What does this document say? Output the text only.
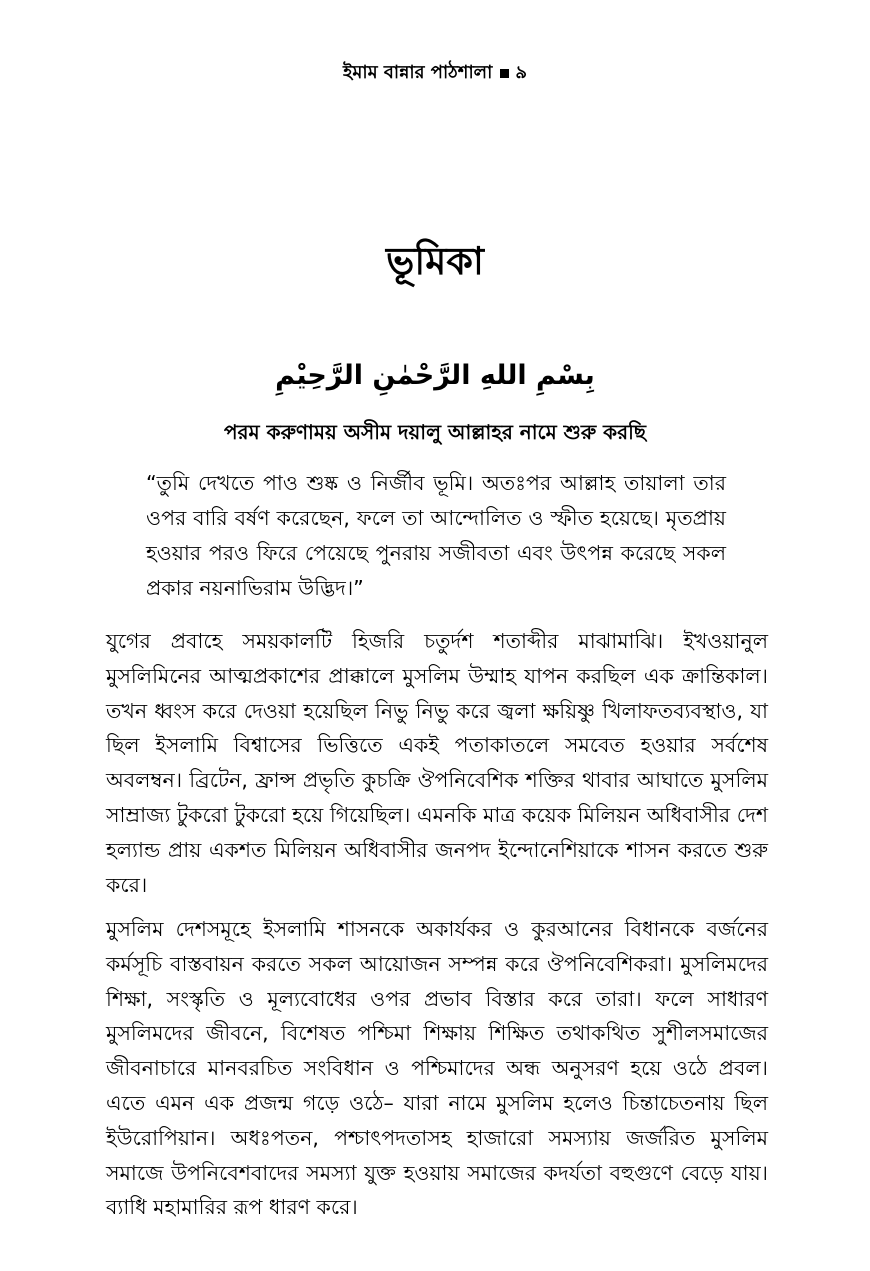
ইমাম বান্নার পাঠশালা ৯
ভূমিকা
بِسْمِ اللهِ الرَّحْمٰنِ الرَّحِيْمِ
পরম করুণাময় অসীম দয়ালু আল্লাহর নামে শুরু করছি
“তুমি দেখতে পাও শুষ্ক ও নির্জীব ভূমি। অতঃপর আল্লাহ তায়ালা তার ওপর বারি বর্ষণ করেছেন, ফলে তা আন্দোলিত ও স্ফীত হয়েছে। মৃতপ্রায় হওয়ার পরও ফিরে পেয়েছে পুনরায় সজীবতা এবং উৎপন্ন করেছে সকল প্রকার নয়নাভিরাম উদ্ভিদ।”
যুগের প্রবাহে সময়কালটি হিজরি চতুর্দশ শতাব্দীর মাঝামাঝি। ইখওয়ানুল মুসলিমিনের আত্মপ্রকাশের প্রাক্কালে মুসলিম উম্মাহ যাপন করছিল এক ক্রান্তিকাল। তখন ধ্বংস করে দেওয়া হয়েছিল নিভু নিভু করে জ্বলা ক্ষয়িষ্ণু খিলাফতব্যবস্থাও, যা ছিল ইসলামি বিশ্বাসের ভিত্তিতে একই পতাকাতলে সমবেত হওয়ার সর্বশেষ অবলম্বন। ব্রিটেন, ফ্রান্স প্রভৃতি কুচক্রি ঔপনিবেশিক শক্তির থাবার আঘাতে মুসলিম সাম্রাজ্য টুকরো টুকরো হয়ে গিয়েছিল। এমনকি মাত্র কয়েক মিলিয়ন অধিবাসীর দেশ হল্যান্ড প্রায় একশত মিলিয়ন অধিবাসীর জনপদ ইন্দোনেশিয়াকে শাসন করতে শুরু করে।
মুসলিম দেশসমূহে ইসলামি শাসনকে অকার্যকর ও কুরআনের বিধানকে বর্জনের কর্মসূচি বাস্তবায়ন করতে সকল আয়োজন সম্পন্ন করে ঔপনিবেশিকরা। মুসলিমদের শিক্ষা, সংস্কৃতি ও মূল্যবোধের ওপর প্রভাব বিস্তার করে তারা। ফলে সাধারণ মুসলিমদের জীবনে, বিশেষত পশ্চিমা শিক্ষায় শিক্ষিত তথাকথিত সুশীলসমাজের জীবনাচারে মানবরচিত সংবিধান ও পশ্চিমাদের অন্ধ অনুসরণ হয়ে ওঠে প্রবল। এতে এমন এক প্রজন্ম গড়ে ওঠে– যারা নামে মুসলিম হলেও চিন্তাচেতনায় ছিল ইউরোপিয়ান। অধঃপতন, পশ্চাৎপদতাসহ হাজারো সমস্যায় জর্জরিত মুসলিম সমাজে উপনিবেশবাদের সমস্যা যুক্ত হওয়ায় সমাজের কদর্যতা বহুগুণে বেড়ে যায়। ব্যাধি মহামারির রূপ ধারণ করে।
